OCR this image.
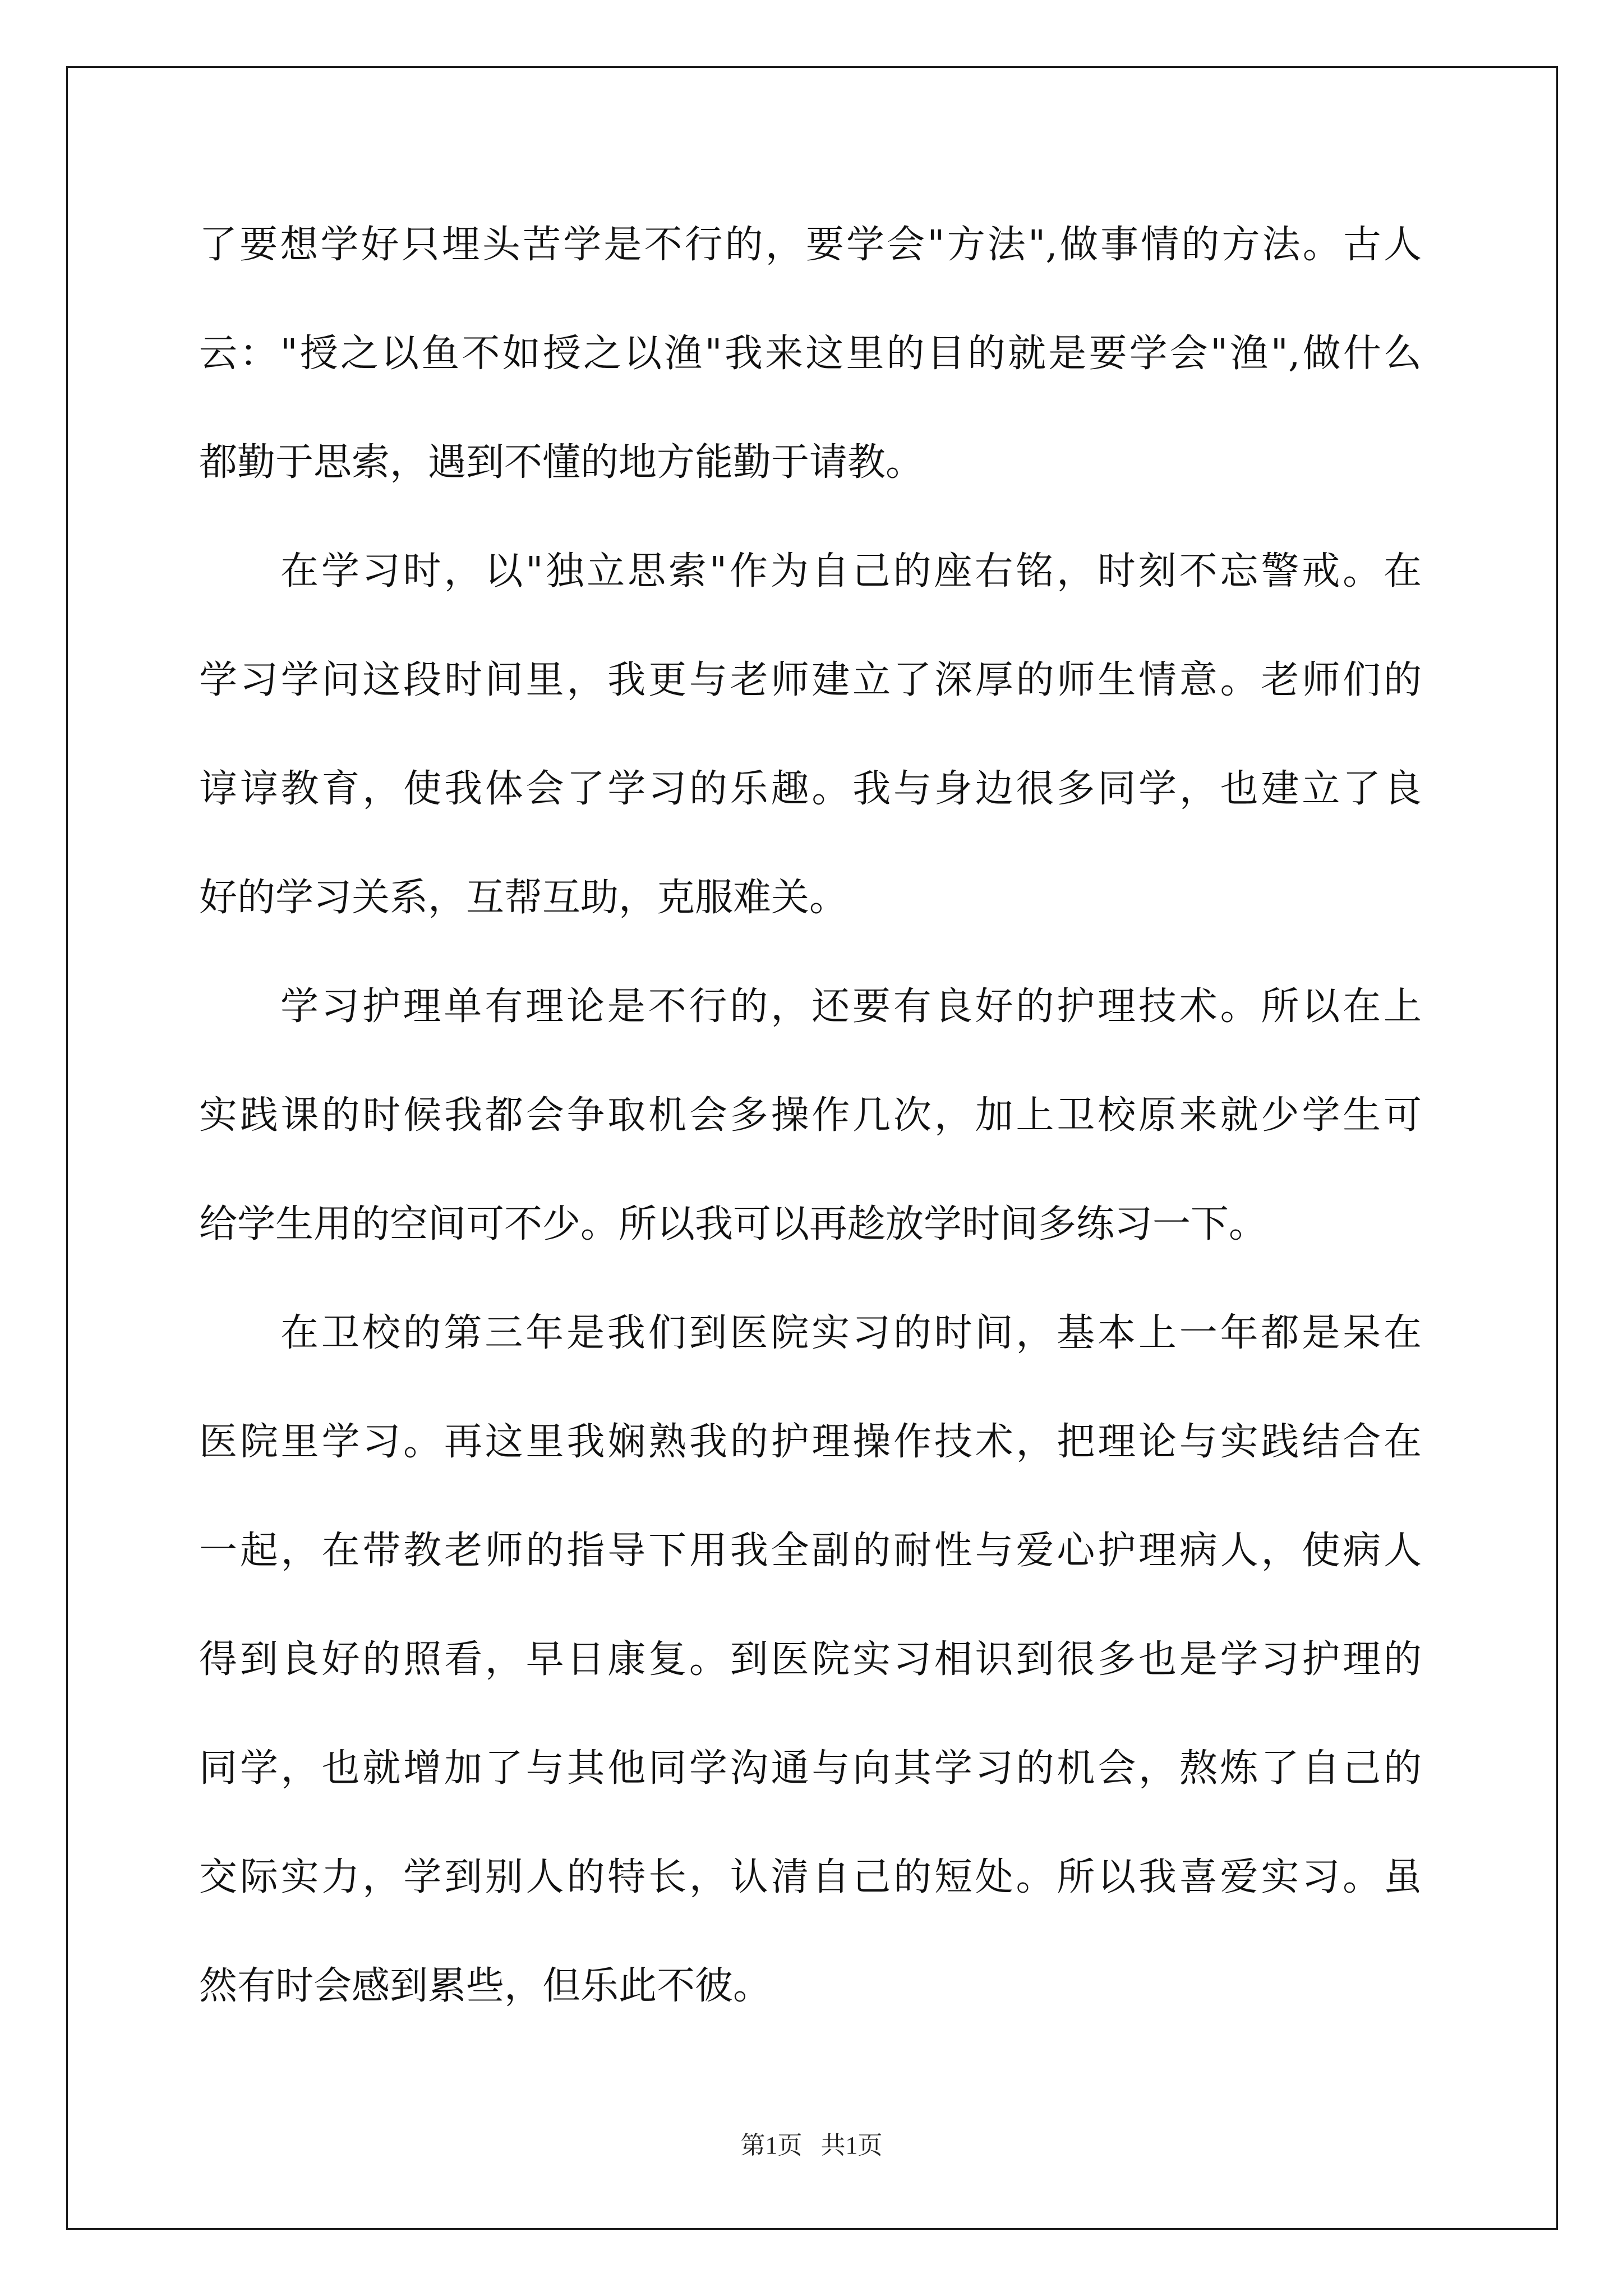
了要想学好只埋头苦学是不行的，要学会"方法",做事情的方法。古人

云："授之以鱼不如授之以渔"我来这里的目的就是要学会"渔",做什么

都勤于思索，遇到不懂的地方能勤于请教。

在学习时，以"独立思索"作为自己的座右铭，时刻不忘警戒。在

学习学问这段时间里，我更与老师建立了深厚的师生情意。老师们的

谆谆教育，使我体会了学习的乐趣。我与身边很多同学，也建立了良

好的学习关系，互帮互助，克服难关。

学习护理单有理论是不行的，还要有良好的护理技术。所以在上

实践课的时候我都会争取机会多操作几次，加上卫校原来就少学生可

给学生用的空间可不少。所以我可以再趁放学时间多练习一下。

在卫校的第三年是我们到医院实习的时间，基本上一年都是呆在

医院里学习。再这里我娴熟我的护理操作技术，把理论与实践结合在

一起，在带教老师的指导下用我全副的耐性与爱心护理病人，使病人

得到良好的照看，早日康复。到医院实习相识到很多也是学习护理的

同学，也就增加了与其他同学沟通与向其学习的机会，熬炼了自己的

交际实力，学到别人的特长，认清自己的短处。所以我喜爱实习。虽

然有时会感到累些，但乐此不彼。

第1页   共1页
